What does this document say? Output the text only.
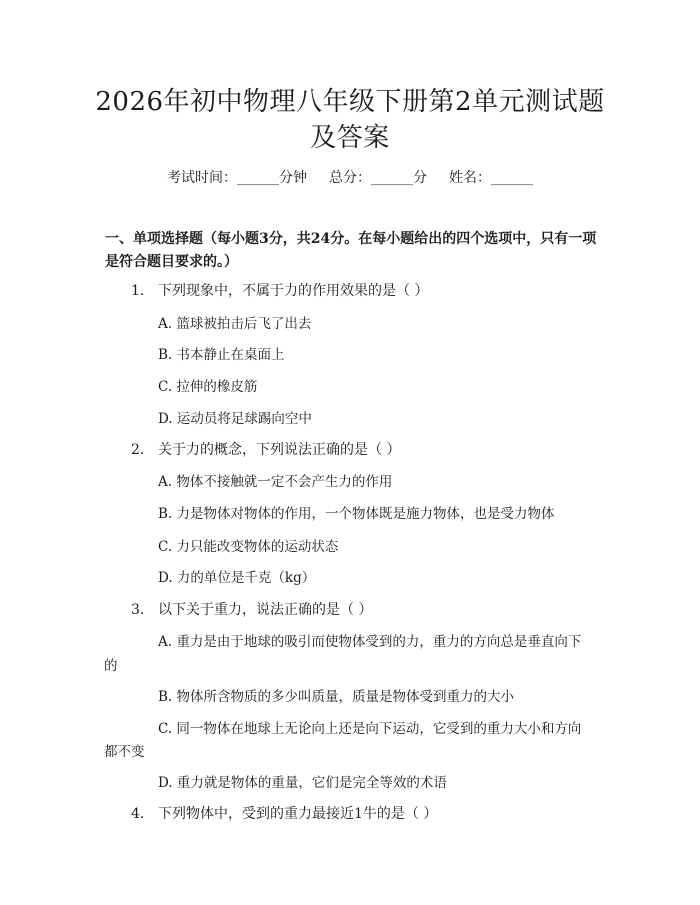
2026年初中物理八年级下册第2单元测试题
及答案
考试时间：______分钟 总分：______分 姓名：______
一、单项选择题（每小题3分，共24分。在每小题给出的四个选项中，只有一项
是符合题目要求的。）
1. 下列现象中，不属于力的作用效果的是（ ）
A. 篮球被拍击后飞了出去
B. 书本静止在桌面上
C. 拉伸的橡皮筋
D. 运动员将足球踢向空中
2. 关于力的概念，下列说法正确的是（ ）
A. 物体不接触就一定不会产生力的作用
B. 力是物体对物体的作用，一个物体既是施力物体，也是受力物体
C. 力只能改变物体的运动状态
D. 力的单位是千克（kg）
3. 以下关于重力，说法正确的是（ ）
A. 重力是由于地球的吸引而使物体受到的力，重力的方向总是垂直向下
的
B. 物体所含物质的多少叫质量，质量是物体受到重力的大小
C. 同一物体在地球上无论向上还是向下运动，它受到的重力大小和方向
都不变
D. 重力就是物体的重量，它们是完全等效的术语
4. 下列物体中，受到的重力最接近1牛的是（ ）
